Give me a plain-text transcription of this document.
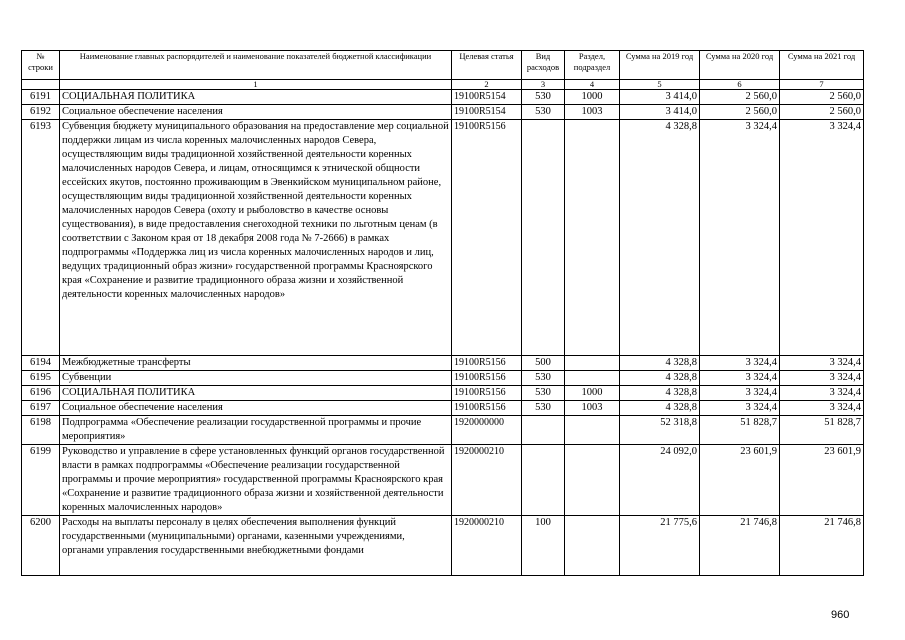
№ строки	Наименование главных распорядителей и наименование показателей бюджетной классификации	Целевая статья	Вид расходов	Раздел, подраздел	Сумма на 2019 год	Сумма на 2020 год	Сумма на 2021 год
	1	2	3	4	5	6	7
6191	СОЦИАЛЬНАЯ ПОЛИТИКА	19100R5154	530	1000	3 414,0	2 560,0	2 560,0
6192	Социальное обеспечение населения	19100R5154	530	1003	3 414,0	2 560,0	2 560,0
6193	Субвенция бюджету муниципального образования на предоставление мер социальной поддержки лицам из числа коренных малочисленных народов Севера, осуществляющим виды традиционной хозяйственной деятельности коренных малочисленных народов Севера, и лицам, относящимся к этнической общности ессейских якутов, постоянно проживающим в Эвенкийском муниципальном районе, осуществляющим виды традиционной хозяйственной деятельности коренных малочисленных народов Севера (охоту и рыболовство в качестве основы существования), в виде предоставления снегоходной техники по льготным ценам (в соответствии с Законом края от 18 декабря 2008 года № 7-2666) в рамках подпрограммы «Поддержка лиц из числа коренных малочисленных народов и лиц, ведущих традиционный образ жизни» государственной программы Красноярского края «Сохранение и развитие традиционного образа жизни и хозяйственной деятельности коренных малочисленных народов»	19100R5156			4 328,8	3 324,4	3 324,4
6194	Межбюджетные трансферты	19100R5156	500		4 328,8	3 324,4	3 324,4
6195	Субвенции	19100R5156	530		4 328,8	3 324,4	3 324,4
6196	СОЦИАЛЬНАЯ ПОЛИТИКА	19100R5156	530	1000	4 328,8	3 324,4	3 324,4
6197	Социальное обеспечение населения	19100R5156	530	1003	4 328,8	3 324,4	3 324,4
6198	Подпрограмма «Обеспечение реализации государственной программы и прочие мероприятия»	1920000000			52 318,8	51 828,7	51 828,7
6199	Руководство и управление в сфере установленных функций органов государственной власти в рамках подпрограммы «Обеспечение реализации государственной программы и прочие мероприятия» государственной программы Красноярского края «Сохранение и развитие традиционного образа жизни и хозяйственной деятельности коренных малочисленных народов»	1920000210			24 092,0	23 601,9	23 601,9
6200	Расходы на выплаты персоналу в целях обеспечения выполнения функций государственными (муниципальными) органами, казенными учреждениями, органами управления государственными внебюджетными фондами	1920000210	100		21 775,6	21 746,8	21 746,8
960
